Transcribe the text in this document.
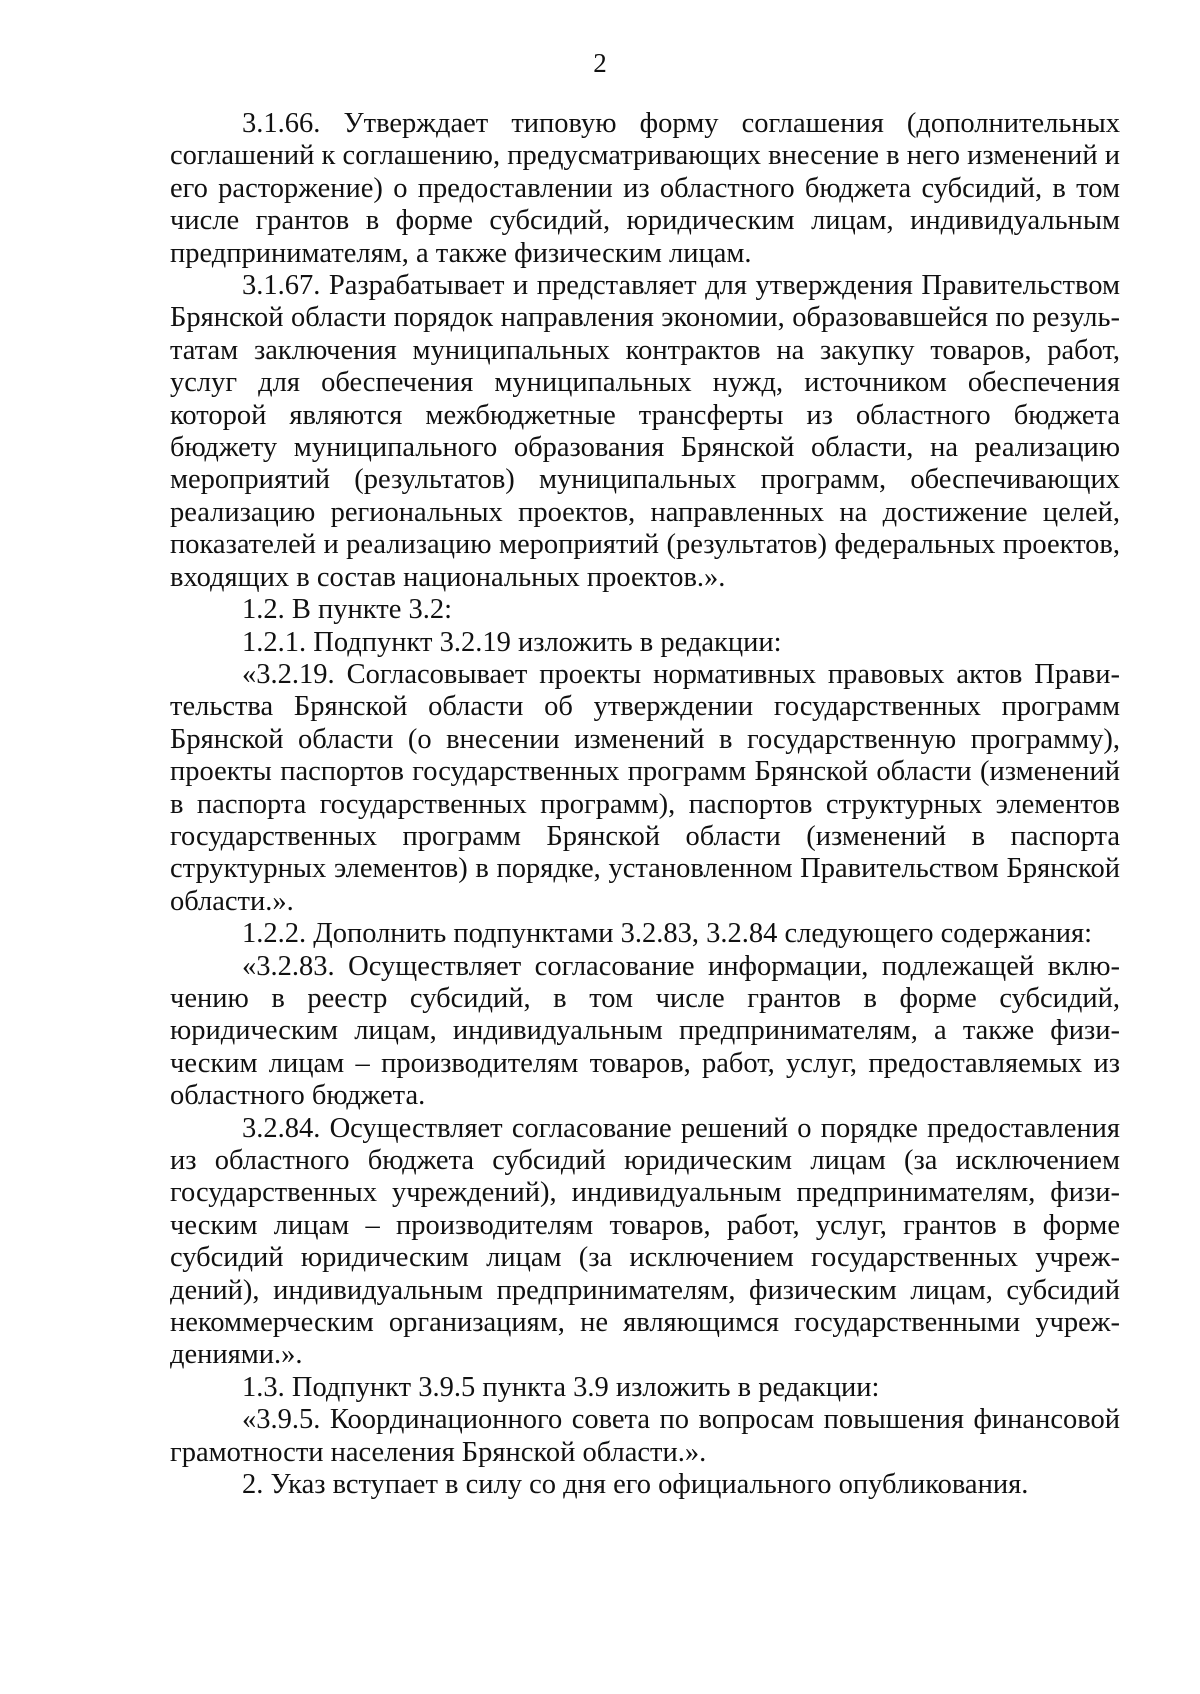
2

3.1.66. Утверждает типовую форму соглашения (дополнительных соглашений к соглашению, предусматривающих внесение в него изменений и его расторжение) о предоставлении из областного бюджета субсидий, в том числе грантов в форме субсидий, юридическим лицам, индивидуальным предпринимателям, а также физическим лицам.

3.1.67. Разрабатывает и представляет для утверждения Правительством Брянской области порядок направления экономии, образовавшейся по результатам заключения муниципальных контрактов на закупку товаров, работ, услуг для обеспечения муниципальных нужд, источником обеспечения которой являются межбюджетные трансферты из областного бюджета бюджету муниципального образования Брянской области, на реализацию мероприятий (результатов) муниципальных программ, обеспечивающих реализацию региональных проектов, направленных на достижение целей, показателей и реализацию мероприятий (результатов) федеральных проектов, входящих в состав национальных проектов.».

1.2. В пункте 3.2:

1.2.1. Подпункт 3.2.19 изложить в редакции:

«3.2.19. Согласовывает проекты нормативных правовых актов Правительства Брянской области об утверждении государственных программ Брянской области (о внесении изменений в государственную программу), проекты паспортов государственных программ Брянской области (изменений в паспорта государственных программ), паспортов структурных элементов государственных программ Брянской области (изменений в паспорта структурных элементов) в порядке, установленном Правительством Брянской области.».

1.2.2. Дополнить подпунктами 3.2.83, 3.2.84 следующего содержания:

«3.2.83. Осуществляет согласование информации, подлежащей включению в реестр субсидий, в том числе грантов в форме субсидий, юридическим лицам, индивидуальным предпринимателям, а также физическим лицам – производителям товаров, работ, услуг, предоставляемых из областного бюджета.

3.2.84. Осуществляет согласование решений о порядке предоставления из областного бюджета субсидий юридическим лицам (за исключением государственных учреждений), индивидуальным предпринимателям, физическим лицам – производителям товаров, работ, услуг, грантов в форме субсидий юридическим лицам (за исключением государственных учреждений), индивидуальным предпринимателям, физическим лицам, субсидий некоммерческим организациям, не являющимся государственными учреждениями.».

1.3. Подпункт 3.9.5 пункта 3.9 изложить в редакции:

«3.9.5. Координационного совета по вопросам повышения финансовой грамотности населения Брянской области.».

2. Указ вступает в силу со дня его официального опубликования.
